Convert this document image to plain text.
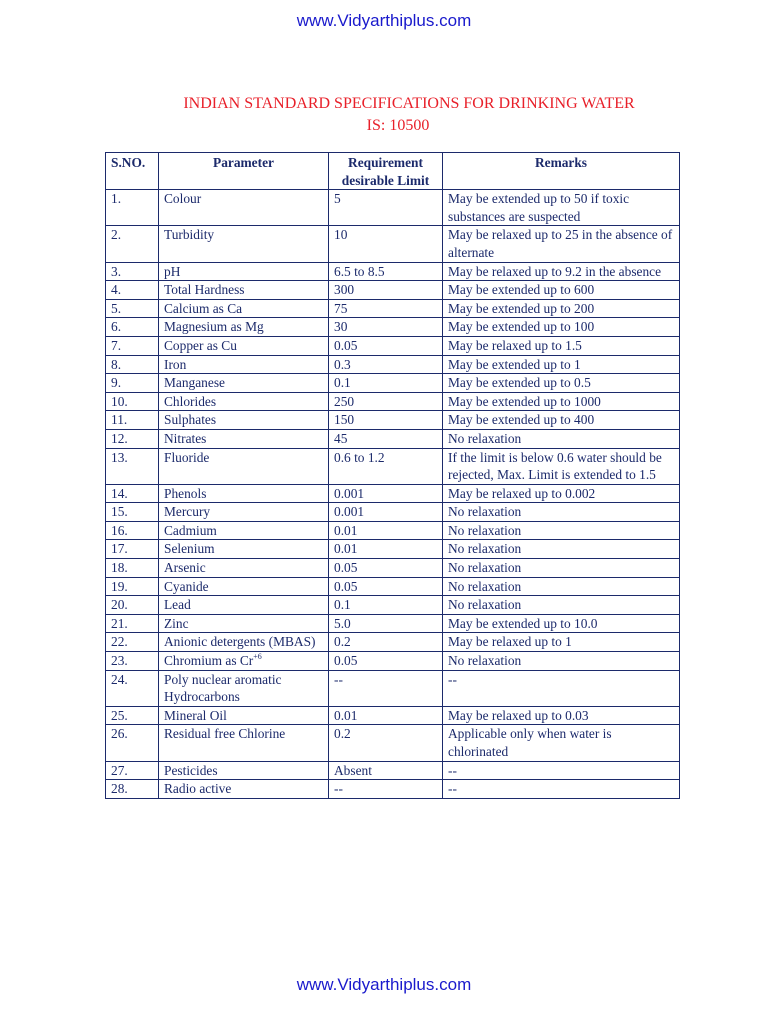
www.Vidyarthiplus.com
INDIAN STANDARD SPECIFICATIONS FOR DRINKING WATER
IS: 10500
S.NO.	Parameter	Requirement desirable Limit	Remarks
1.	Colour	5	May be extended up to 50 if toxic substances are suspected
2.	Turbidity	10	May be relaxed up to 25 in the absence of alternate
3.	pH	6.5 to 8.5	May be relaxed up to 9.2 in the absence
4.	Total Hardness	300	May be extended up to 600
5.	Calcium as Ca	75	May be extended up to 200
6.	Magnesium as Mg	30	May be extended up to 100
7.	Copper as Cu	0.05	May be relaxed up to 1.5
8.	Iron	0.3	May be extended up to 1
9.	Manganese	0.1	May be extended up to 0.5
10.	Chlorides	250	May be extended up to 1000
11.	Sulphates	150	May be extended up to 400
12.	Nitrates	45	No relaxation
13.	Fluoride	0.6 to 1.2	If the limit is below 0.6 water should be rejected, Max. Limit is extended to 1.5
14.	Phenols	0.001	May be relaxed up to 0.002
15.	Mercury	0.001	No relaxation
16.	Cadmium	0.01	No relaxation
17.	Selenium	0.01	No relaxation
18.	Arsenic	0.05	No relaxation
19.	Cyanide	0.05	No relaxation
20.	Lead	0.1	No relaxation
21.	Zinc	5.0	May be extended up to 10.0
22.	Anionic detergents (MBAS)	0.2	May be relaxed up to 1
23.	Chromium as $Cr^{+6}$	0.05	No relaxation
24.	Poly nuclear aromatic Hydrocarbons	--	--
25.	Mineral Oil	0.01	May be relaxed up to 0.03
26.	Residual free Chlorine	0.2	Applicable only when water is chlorinated
27.	Pesticides	Absent	--
28.	Radio active	--	--
www.Vidyarthiplus.com
